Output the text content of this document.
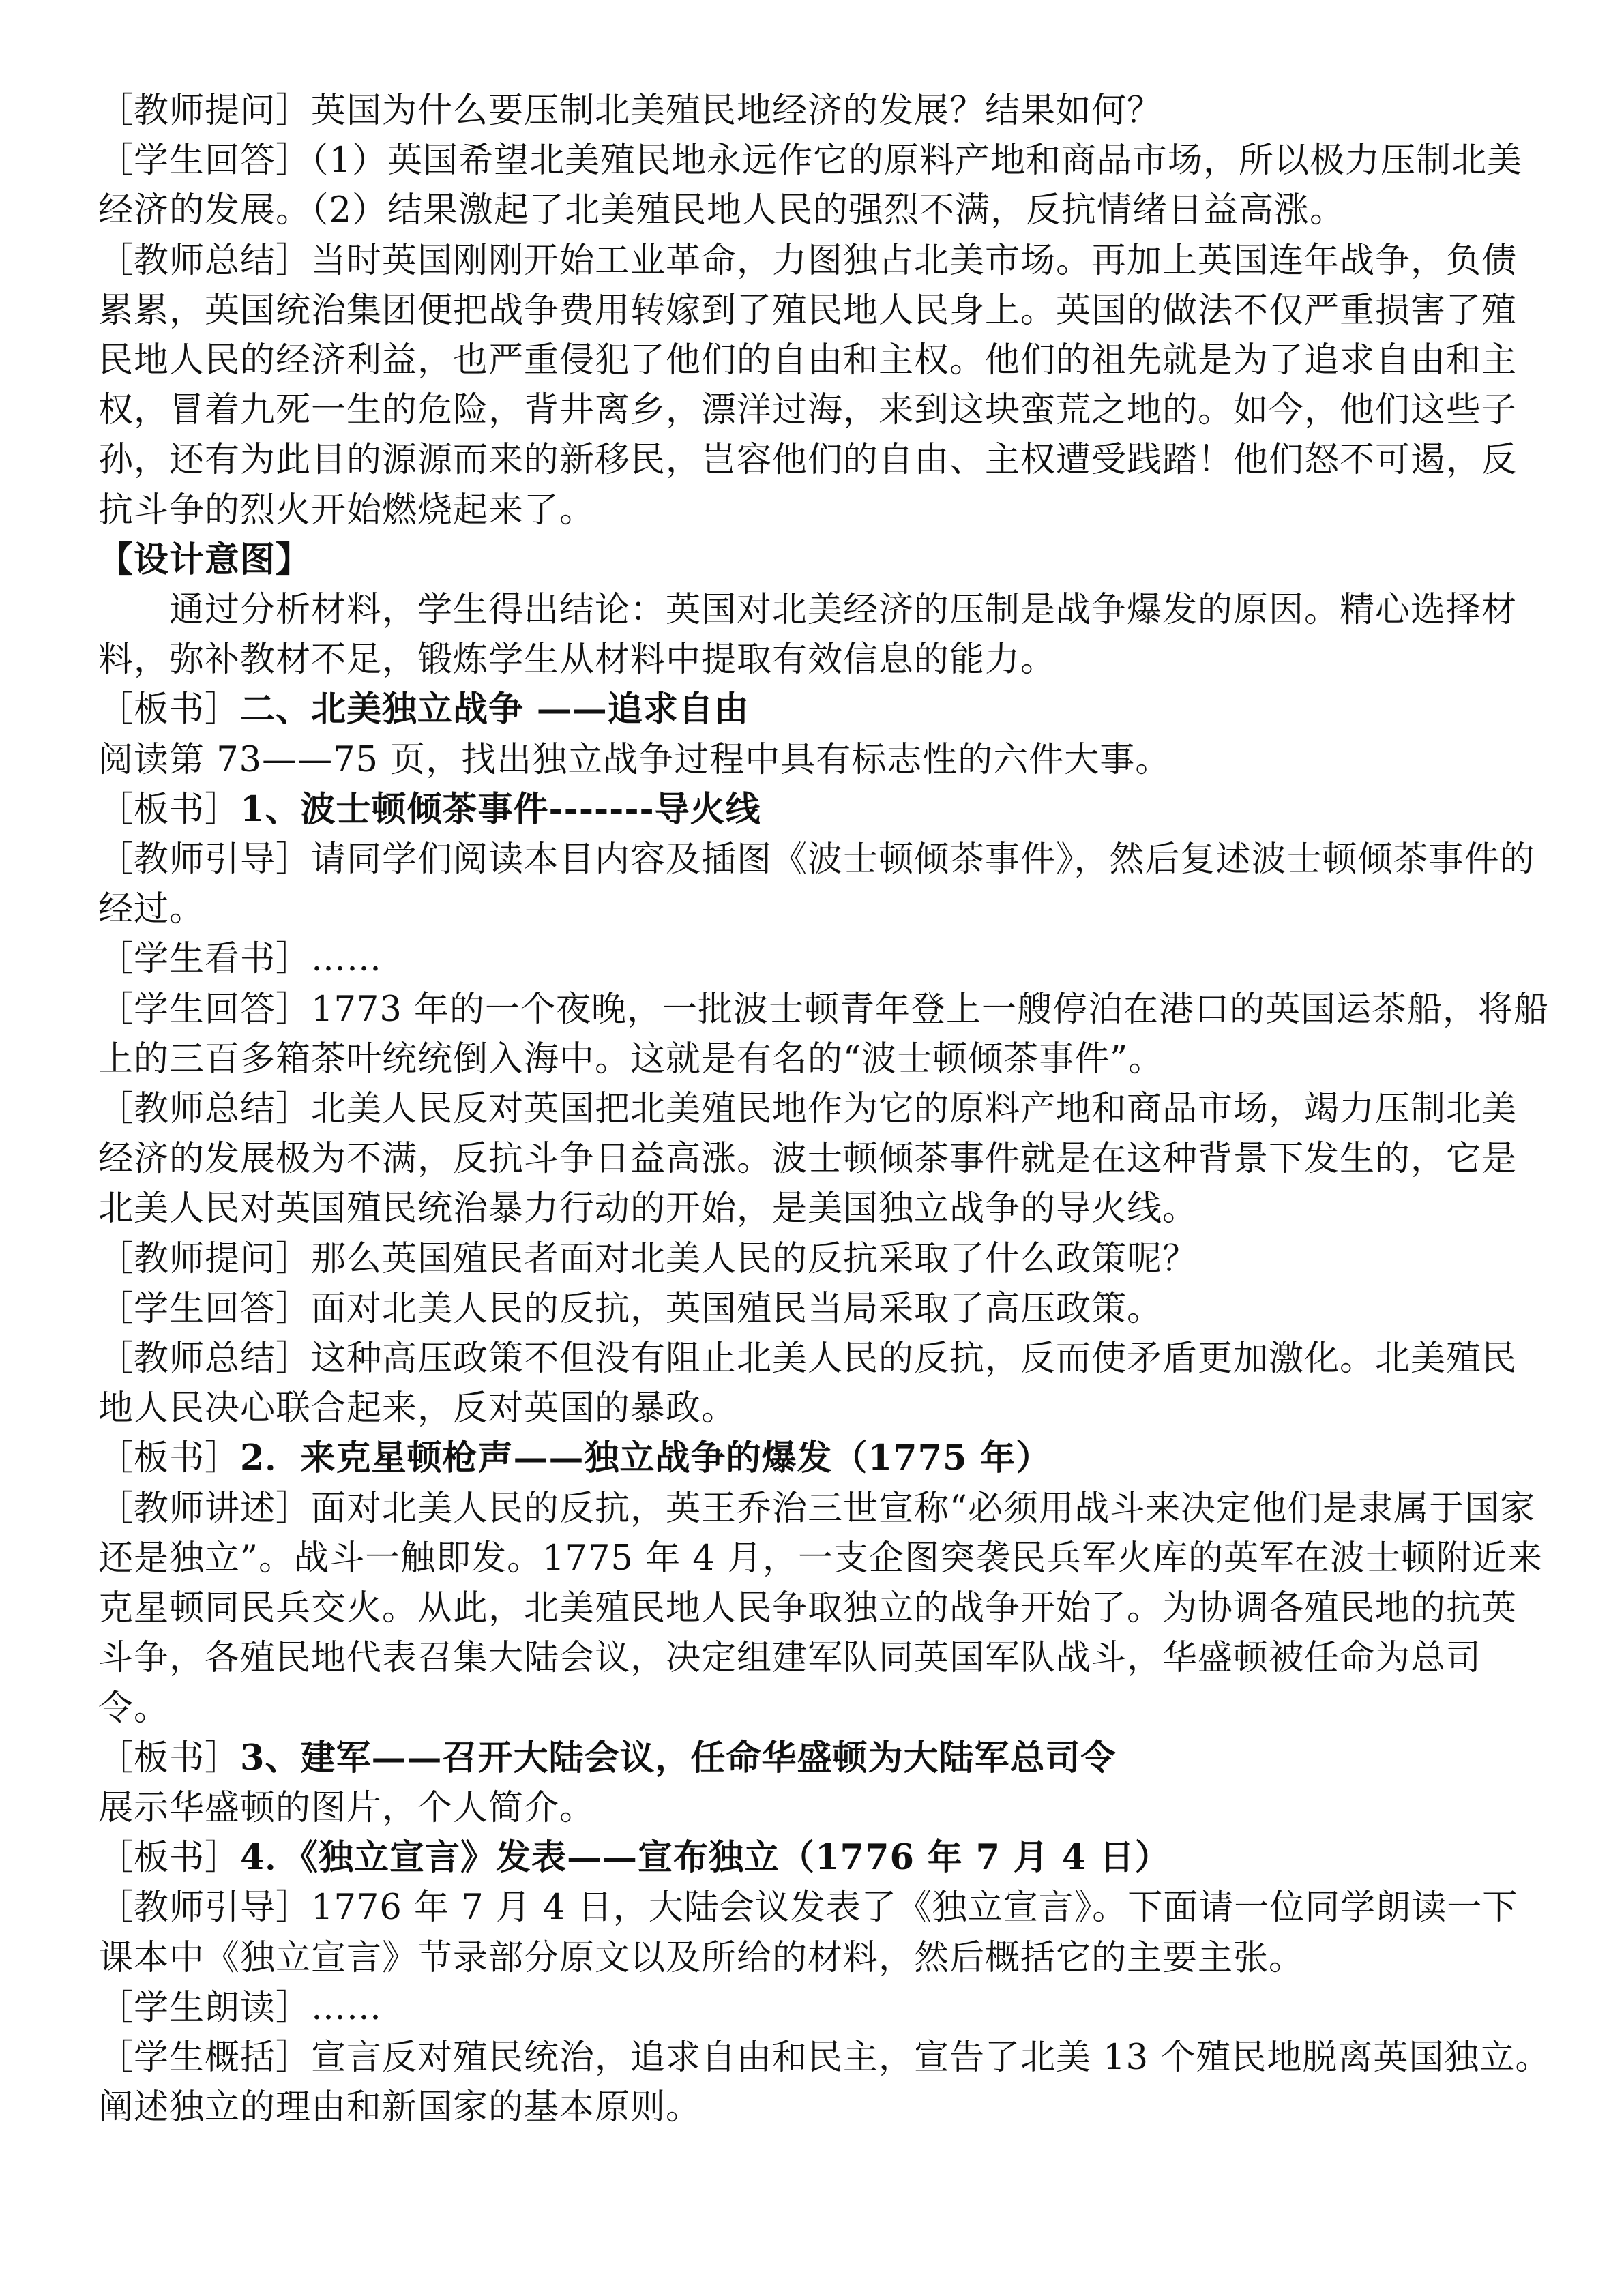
［教师提问］英国为什么要压制北美殖民地经济的发展？结果如何？

［学生回答］（1）英国希望北美殖民地永远作它的原料产地和商品市场，所以极力压制北美经济的发展。（2）结果激起了北美殖民地人民的强烈不满，反抗情绪日益高涨。

［教师总结］当时英国刚刚开始工业革命，力图独占北美市场。再加上英国连年战争，负债累累，英国统治集团便把战争费用转嫁到了殖民地人民身上。英国的做法不仅严重损害了殖民地人民的经济利益，也严重侵犯了他们的自由和主权。他们的祖先就是为了追求自由和主权，冒着九死一生的危险，背井离乡，漂洋过海，来到这块蛮荒之地的。如今，他们这些子孙，还有为此目的源源而来的新移民，岂容他们的自由、主权遭受践踏！他们怒不可遏，反抗斗争的烈火开始燃烧起来了。

【设计意图】

通过分析材料，学生得出结论：英国对北美经济的压制是战争爆发的原因。精心选择材料，弥补教材不足，锻炼学生从材料中提取有效信息的能力。

［板书］二、北美独立战争 ——追求自由

阅读第 73——75 页，找出独立战争过程中具有标志性的六件大事。

［板书］1、波士顿倾茶事件-------导火线

［教师引导］请同学们阅读本目内容及插图《波士顿倾茶事件》，然后复述波士顿倾茶事件的经过。

［学生看书］……

［学生回答］1773 年的一个夜晚，一批波士顿青年登上一艘停泊在港口的英国运茶船，将船上的三百多箱茶叶统统倒入海中。这就是有名的“波士顿倾茶事件”。

［教师总结］北美人民反对英国把北美殖民地作为它的原料产地和商品市场，竭力压制北美经济的发展极为不满，反抗斗争日益高涨。波士顿倾茶事件就是在这种背景下发生的，它是北美人民对英国殖民统治暴力行动的开始，是美国独立战争的导火线。

［教师提问］那么英国殖民者面对北美人民的反抗采取了什么政策呢？

［学生回答］面对北美人民的反抗，英国殖民当局采取了高压政策。

［教师总结］这种高压政策不但没有阻止北美人民的反抗，反而使矛盾更加激化。北美殖民地人民决心联合起来，反对英国的暴政。

［板书］2．来克星顿枪声——独立战争的爆发（1775 年）

［教师讲述］面对北美人民的反抗，英王乔治三世宣称“必须用战斗来决定他们是隶属于国家还是独立”。战斗一触即发。1775 年 4 月，一支企图突袭民兵军火库的英军在波士顿附近来克星顿同民兵交火。从此，北美殖民地人民争取独立的战争开始了。为协调各殖民地的抗英斗争，各殖民地代表召集大陆会议，决定组建军队同英国军队战斗，华盛顿被任命为总司令。

［板书］3、建军——召开大陆会议，任命华盛顿为大陆军总司令

展示华盛顿的图片，个人简介。

［板书］4．《独立宣言》发表——宣布独立（1776 年 7 月 4 日）

［教师引导］1776 年 7 月 4 日，大陆会议发表了《独立宣言》。下面请一位同学朗读一下课本中《独立宣言》节录部分原文以及所给的材料，然后概括它的主要主张。

［学生朗读］……

［学生概括］宣言反对殖民统治，追求自由和民主，宣告了北美 13 个殖民地脱离英国独立。阐述独立的理由和新国家的基本原则。
